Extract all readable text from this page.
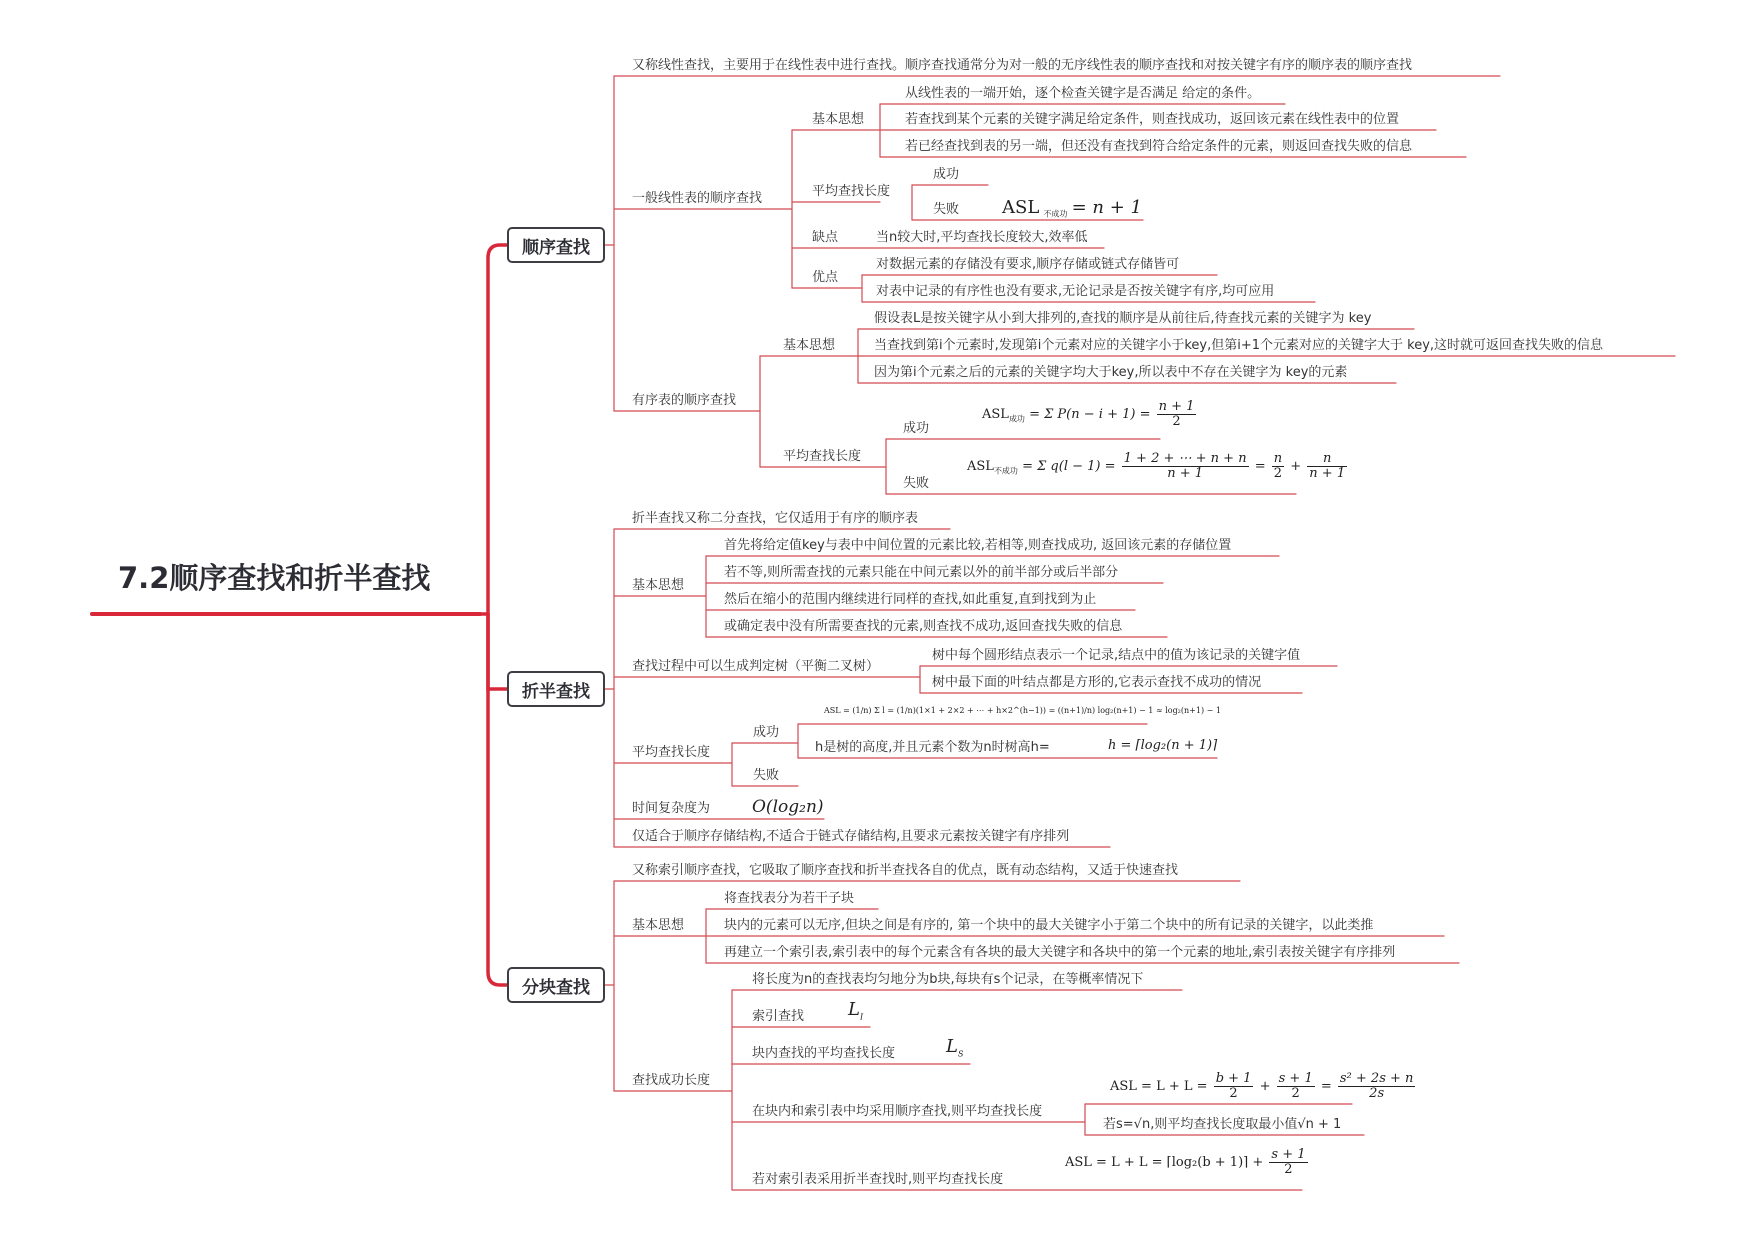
7.2顺序查找和折半查找
顺序查找
折半查找
分块查找
又称线性查找，主要用于在线性表中进行查找。顺序查找通常分为对一般的无序线性表的顺序查找和对按关键字有序的顺序表的顺序查找
一般线性表的顺序查找
基本思想
从线性表的一端开始，逐个检查关键字是否满足 给定的条件。
若查找到某个元素的关键字满足给定条件，则查找成功，返回该元素在线性表中的位置
若已经查找到表的另一端，但还没有查找到符合给定条件的元素，则返回查找失败的信息
平均查找长度
成功
失败 ASL $_{不成功}$ = n + 1
缺点	当n较大时,平均查找长度较大,效率低
优点
对数据元素的存储没有要求,顺序存储或链式存储皆可
对表中记录的有序性也没有要求,无论记录是否按关键字有序,均可应用
有序表的顺序查找
基本思想
假设表L是按关键字从小到大排列的,查找的顺序是从前往后,待查找元素的关键字为 key
当查找到第i个元素时,发现第i个元素对应的关键字小于key,但第i+1个元素对应的关键字大于 key,这时就可返回查找失败的信息
因为第i个元素之后的元素的关键字均大于key,所以表中不存在关键字为 key的元素
平均查找长度
成功
失败
$ASL_{成功} = \Sigma$ $P(n - i + 1) = \frac{n + 1}{2}$
$ASL_{不成功} = \Sigma$ $q(l - 1) = \frac{1 + 2 + \cdots + n + n}{n + 1} = \frac{n}{2} + \frac{n}{n + 1}$
折半查找又称二分查找，它仅适用于有序的顺序表
基本思想
首先将给定值key与表中中间位置的元素比较,若相等,则查找成功, 返回该元素的存储位置
若不等,则所需查找的元素只能在中间元素以外的前半部分或后半部分
然后在缩小的范围内继续进行同样的查找,如此重复,直到找到为止
或确定表中没有所需要查找的元素,则查找不成功,返回查找失败的信息
查找过程中可以生成判定树（平衡二叉树）
树中每个圆形结点表示一个记录,结点中的值为该记录的关键字值
树中最下面的叶结点都是方形的,它表示查找不成功的情况
平均查找长度
成功
失败
ASL = (1/n) Σ l = (1/n)(1×1 + 2×2 + ⋯ + h×2^(h−1)) = ((n+1)/n) log₂(n+1) − 1 ≈ log₂(n+1) − 1
h是树的高度,并且元素个数为n时树高h=	h = ⌈log₂(n + 1)⌉
时间复杂度为 O(log₂n)
仅适合于顺序存储结构,不适合于链式存储结构,且要求元素按关键字有序排列
又称索引顺序查找，它吸取了顺序查找和折半查找各自的优点，既有动态结构，又适于快速查找
基本思想
将查找表分为若干子块
块内的元素可以无序,但块之间是有序的, 第一个块中的最大关键字小于第二个块中的所有记录的关键字，以此类推
再建立一个索引表,索引表中的每个元素含有各块的最大关键字和各块中的第一个元素的地址,索引表按关键字有序排列
查找成功长度
将长度为n的查找表均匀地分为b块,每块有s个记录，在等概率情况下
索引查找 $L_I$
块内查找的平均查找长度	$L_S$
在块内和索引表中均采用顺序查找,则平均查找长度
ASL = $L + L = \frac{b + 1}{2} + \frac{s + 1}{2} = \frac{\text{s² + 2s + n}}{2s}$
若s=√n,则平均查找长度取最小值√n + 1
若对索引表采用折半查找时,则平均查找长度
ASL = L + L = ⌈log₂(b + 1)⌉ + $\frac{s + 1}{2}$
